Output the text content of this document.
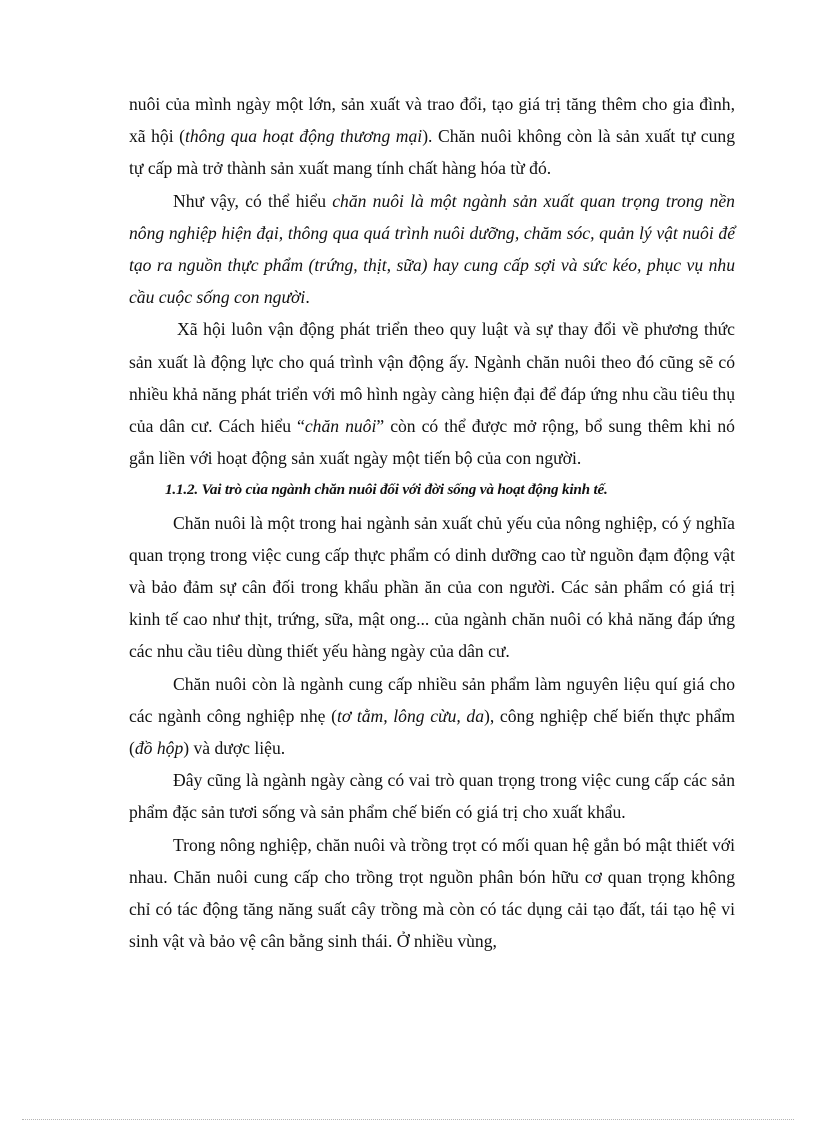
nuôi của mình ngày một lớn, sản xuất và trao đổi, tạo giá trị tăng thêm cho gia đình, xã hội (thông qua hoạt động thương mại). Chăn nuôi không còn là sản xuất tự cung tự cấp mà trở thành sản xuất mang tính chất hàng hóa từ đó.

Như vậy, có thể hiểu chăn nuôi là một ngành sản xuất quan trọng trong nền nông nghiệp hiện đại, thông qua quá trình nuôi dưỡng, chăm sóc, quản lý vật nuôi để tạo ra nguồn thực phẩm (trứng, thịt, sữa) hay cung cấp sợi và sức kéo, phục vụ nhu cầu cuộc sống con người.

Xã hội luôn vận động phát triển theo quy luật và sự thay đổi về phương thức sản xuất là động lực cho quá trình vận động ấy. Ngành chăn nuôi theo đó cũng sẽ có nhiều khả năng phát triển với mô hình ngày càng hiện đại để đáp ứng nhu cầu tiêu thụ của dân cư. Cách hiểu “chăn nuôi” còn có thể được mở rộng, bổ sung thêm khi nó gắn liền với hoạt động sản xuất ngày một tiến bộ của con người.

1.1.2. Vai trò của ngành chăn nuôi đối với đời sống và hoạt động kinh tế.

Chăn nuôi là một trong hai ngành sản xuất chủ yếu của nông nghiệp, có ý nghĩa quan trọng trong việc cung cấp thực phẩm có dinh dưỡng cao từ nguồn đạm động vật và bảo đảm sự cân đối trong khẩu phần ăn của con người. Các sản phẩm có giá trị kinh tế cao như thịt, trứng, sữa, mật ong... của ngành chăn nuôi có khả năng đáp ứng các nhu cầu tiêu dùng thiết yếu hàng ngày của dân cư.

Chăn nuôi còn là ngành cung cấp nhiều sản phẩm làm nguyên liệu quí giá cho các ngành công nghiệp nhẹ (tơ tằm, lông cừu, da), công nghiệp chế biến thực phẩm (đồ hộp) và dược liệu.

Đây cũng là ngành ngày càng có vai trò quan trọng trong việc cung cấp các sản phẩm đặc sản tươi sống và sản phẩm chế biến có giá trị cho xuất khẩu.

Trong nông nghiệp, chăn nuôi và trồng trọt có mối quan hệ gắn bó mật thiết với nhau. Chăn nuôi cung cấp cho trồng trọt nguồn phân bón hữu cơ quan trọng không chỉ có tác động tăng năng suất cây trồng mà còn có tác dụng cải tạo đất, tái tạo hệ vi sinh vật và bảo vệ cân bằng sinh thái. Ở nhiều vùng,
